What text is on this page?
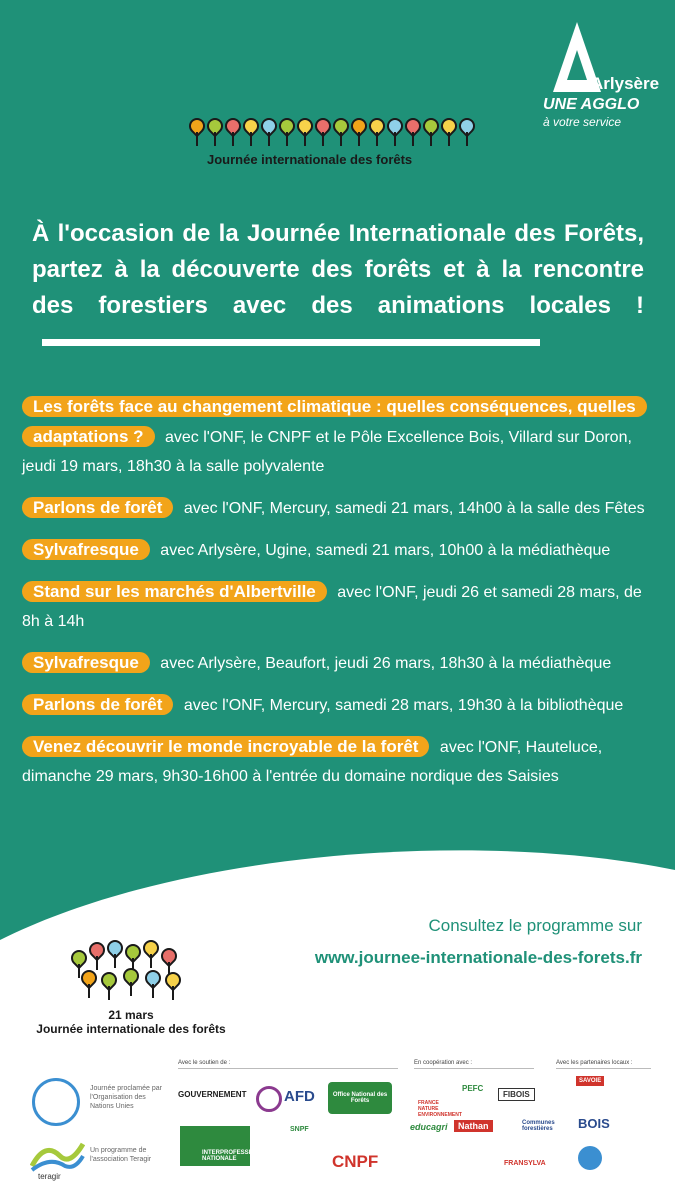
Journée internationale des forêts
Arlysère
UNE AGGLO
à votre service
À l'occasion de la Journée Internationale des Forêts, partez à la découverte des forêts et à la rencontre des forestiers avec des animations locales !
Les forêts face au changement climatique : quelles conséquences, quelles adaptations ? avec l'ONF, le CNPF et le Pôle Excellence Bois, Villard sur Doron, jeudi 19 mars, 18h30 à la salle polyvalente
Parlons de forêt avec l'ONF, Mercury, samedi 21 mars, 14h00 à la salle des Fêtes
Sylvafresque avec Arlysère, Ugine, samedi 21 mars, 10h00 à la médiathèque
Stand sur les marchés d'Albertville avec l'ONF, jeudi 26 et samedi 28 mars, de 8h à 14h
Sylvafresque avec Arlysère, Beaufort, jeudi 26 mars, 18h30 à la médiathèque
Parlons de forêt avec l'ONF, Mercury, samedi 28 mars, 19h30 à la bibliothèque
Venez découvrir le monde incroyable de la forêt avec l'ONF, Hauteluce, dimanche 29 mars, 9h30-16h00 à l'entrée du domaine nordique des Saisies
Consultez le programme sur
www.journee-internationale-des-forets.fr
21 mars
Journée internationale des forêts
Journée proclamée par l'Organisation des Nations Unies
teragir
Un programme de l'association Teragir
Avec le soutien de :	En coopération avec :	Avec les partenaires locaux :
GOUVERNEMENT	AFD	Office National des Forêts
INTERPROFESSION NATIONALE
SNPF
CNPF
FRANCE NATURE ENVIRONNEMENT
PEFC
FIBOIS
educagri	Nathan	Communes forestières
FRANSYLVA
SAVOIE
BOIS
